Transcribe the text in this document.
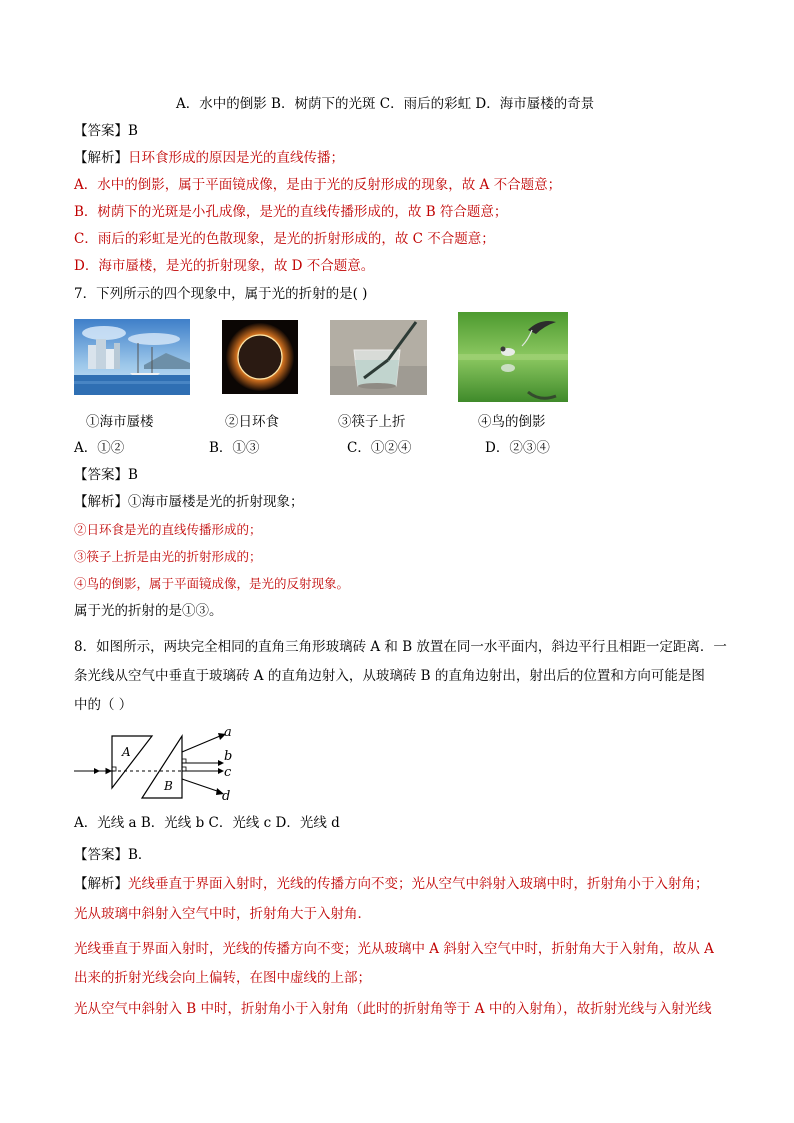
A．水中的倒影 B．树荫下的光斑 C．雨后的彩虹 D．海市蜃楼的奇景
【答案】B
【解析】日环食形成的原因是光的直线传播；
A．水中的倒影，属于平面镜成像，是由于光的反射形成的现象，故 A 不合题意；
B．树荫下的光斑是小孔成像，是光的直线传播形成的，故 B 符合题意；
C．雨后的彩虹是光的色散现象，是光的折射形成的，故 C 不合题意；
D．海市蜃楼，是光的折射现象，故 D 不合题意。
7．下列所示的四个现象中，属于光的折射的是( )
①海市蜃楼	②日环食	③筷子上折	④鸟的倒影
A．①②	B．①③	C．①②④	D．②③④
【答案】B
【解析】①海市蜃楼是光的折射现象；
②日环食是光的直线传播形成的；
③筷子上折是由光的折射形成的；
④鸟的倒影，属于平面镜成像，是光的反射现象。
属于光的折射的是①③。
8．如图所示，两块完全相同的直角三角形玻璃砖 A 和 B 放置在同一水平面内，斜边平行且相距一定距离．一
条光线从空气中垂直于玻璃砖 A 的直角边射入，从玻璃砖 B 的直角边射出，射出后的位置和方向可能是图
中的（ ）
A
B
a
b
c
d
A．光线 a B．光线 b C．光线 c D．光线 d
【答案】B．
【解析】光线垂直于界面入射时，光线的传播方向不变；光从空气中斜射入玻璃中时，折射角小于入射角；
光从玻璃中斜射入空气中时，折射角大于入射角．
光线垂直于界面入射时，光线的传播方向不变；光从玻璃中 A 斜射入空气中时，折射角大于入射角，故从 A
出来的折射光线会向上偏转，在图中虚线的上部；
光从空气中斜射入 B 中时，折射角小于入射角（此时的折射角等于 A 中的入射角），故折射光线与入射光线
